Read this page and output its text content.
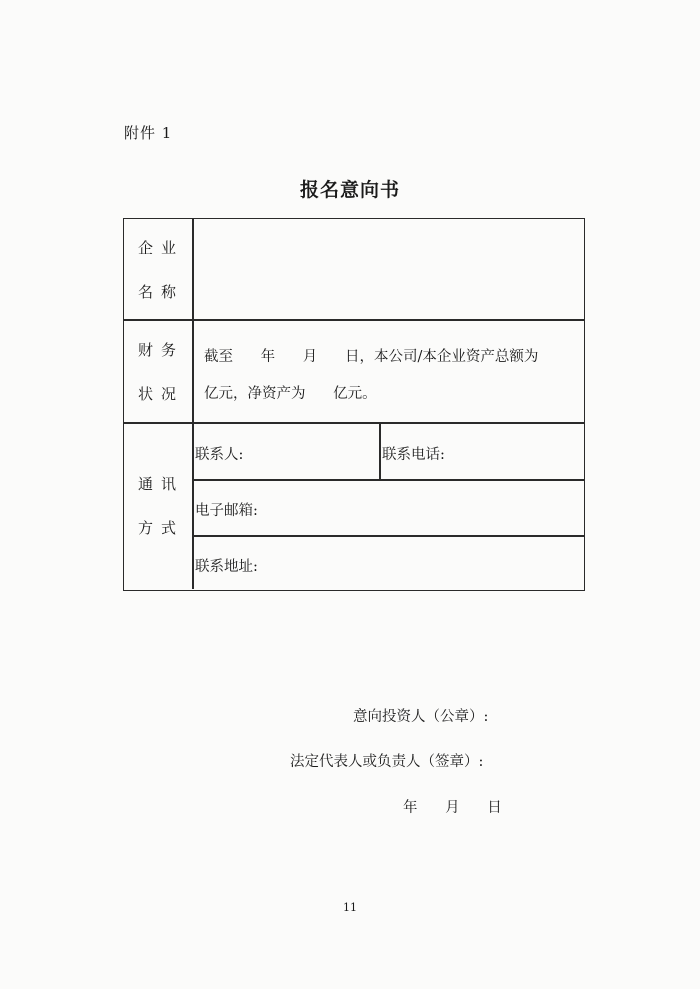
附件 1
报名意向书
企业
名称
财务
状况
截至      年      月      日，本公司/本企业资产总额为
亿元，净资产为      亿元。
通讯
方式
联系人:	联系电话:
电子邮箱:
联系地址:
意向投资人（公章）:
法定代表人或负责人（签章）:
年      月      日
11
